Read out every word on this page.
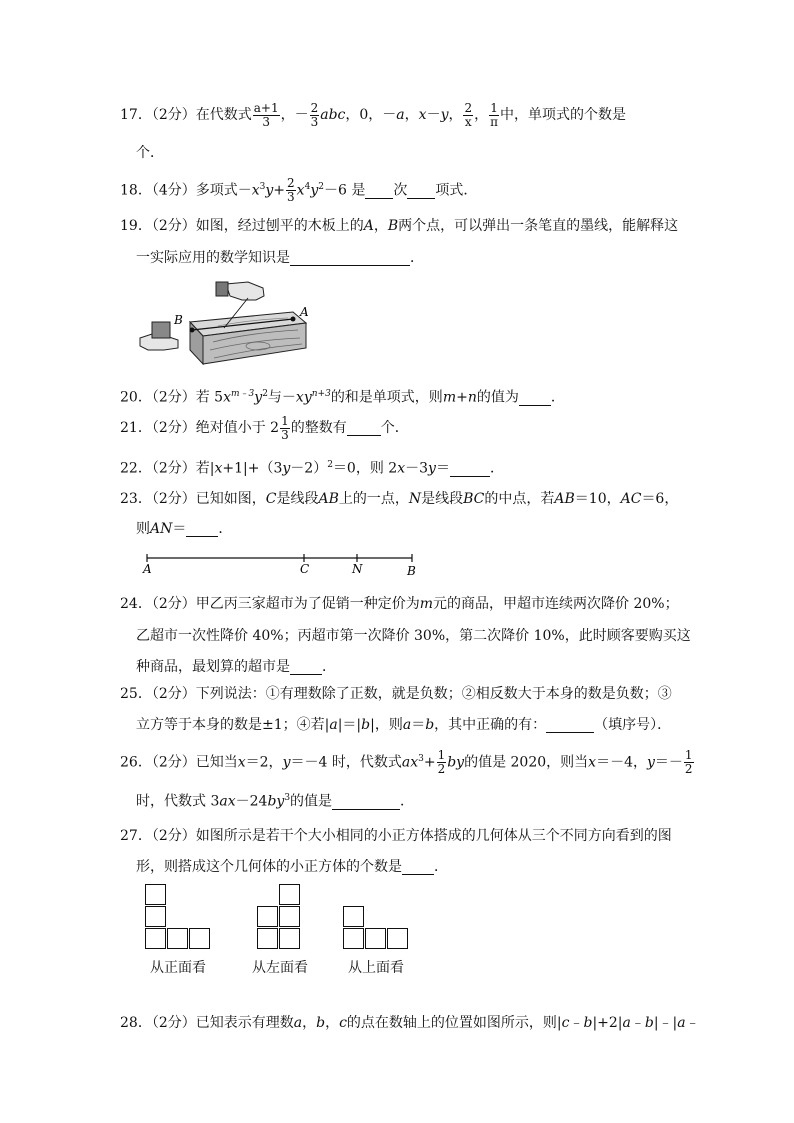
17．（2分）在代数式 $\frac{a+1}{3}$ ，－ $\frac{2}{3}$ abc，0，－a，x－y， $\frac{2}{x}$ ， $\frac{1}{\pi}$ 中，单项式的个数是
个．
18．（4分）多项式$-x^3y+ \frac{2}{3} x^4y^2-6$ 是 次 项式．
19．（2分）如图，经过刨平的木板上的A，B两个点，可以弹出一条笔直的墨线，能解释这
一实际应用的数学知识是	．
B
A
20．（2分）若 $5x^{m﹣3}y^2$与$-xy^{n+3}$的和是单项式，则m+n的值为 ．
21．（2分）绝对值小于 $2 \frac{1}{3}$ 的整数有 个．
22．（2分）若$|x+1|+(3y-2)^2=0$，则 2x－3y＝	．
23．（2分）已知如图，C是线段AB上的一点，N是线段BC的中点，若AB＝10，AC＝6，
则AN＝ ．
A	C	N	B
24．（2分）甲乙丙三家超市为了促销一种定价为m元的商品，甲超市连续两次降价 20%；
乙超市一次性降价 40%；丙超市第一次降价 30%，第二次降价 10%，此时顾客要购买这
种商品，最划算的超市是 ．
25．（2分）下列说法：①有理数除了正数，就是负数；②相反数大于本身的数是负数；③
立方等于本身的数是±1；④若|a|＝|b|，则a＝b，其中正确的有：	（填序号）．
26．（2分）已知当x＝2，y＝－4 时，代数式$ax^3+ \frac{1}{2}$ by的值是 2020，则当x＝－4，$y=- \frac{1}{2}$
时，代数式 $3ax-24by^3$的值是	．
27．（2分）如图所示是若干个大小相同的小正方体搭成的几何体从三个不同方向看到的图
形，则搭成这个几何体的小正方体的个数是 ．
从正面看	从左面看	从上面看
28．（2分）已知表示有理数a，b，c的点在数轴上的位置如图所示，则|c﹣b|+2|a﹣b|﹣|a﹣
